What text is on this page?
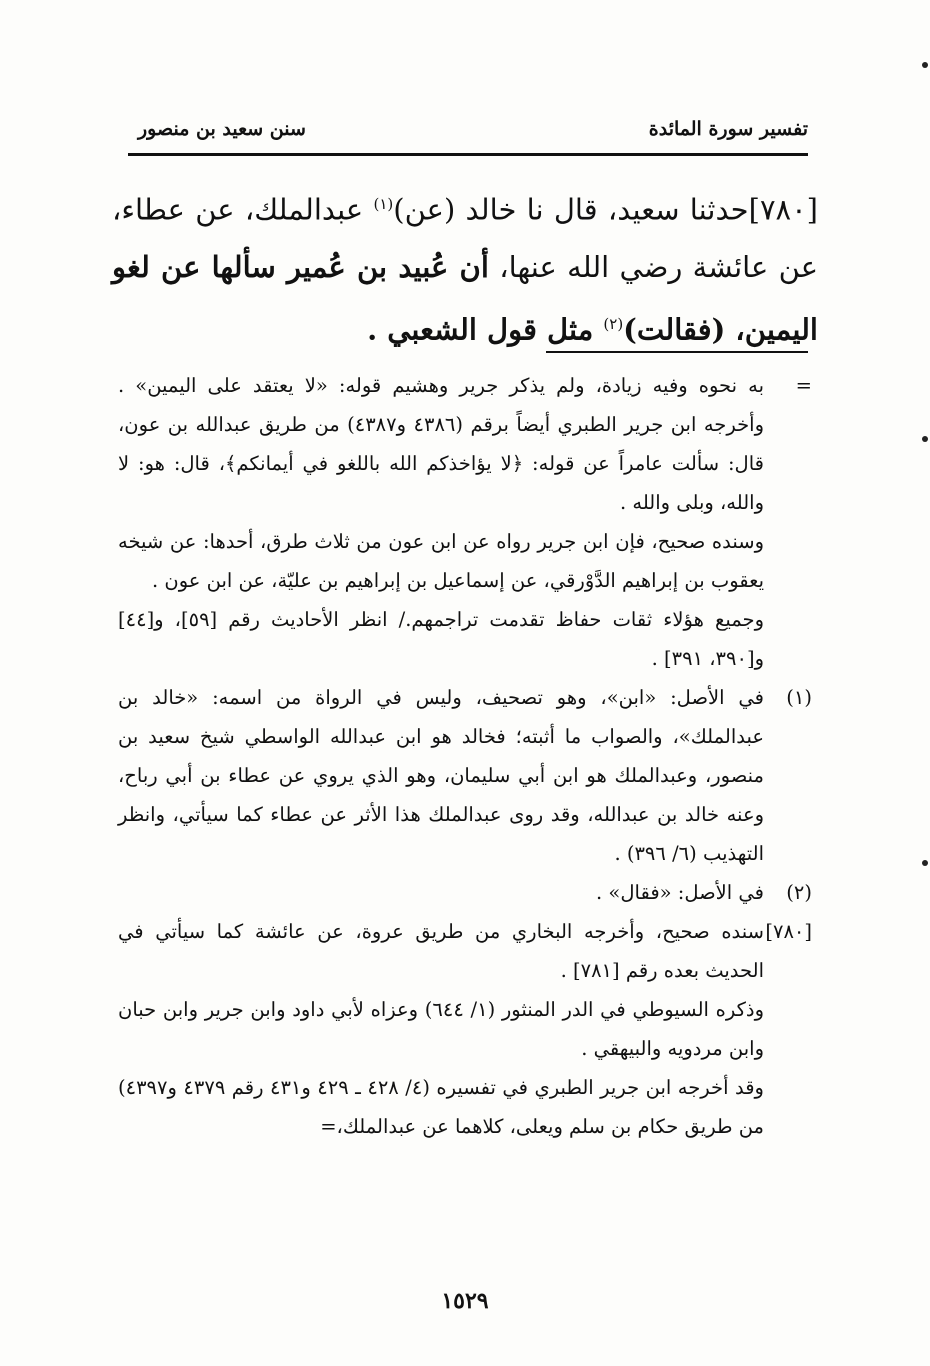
تفسير سورة المائدة
سنن سعيد بن منصور
[٧٨٠]حدثنا سعيد، قال نا خالد (عن)$^{(١)}$ عبدالملك، عن عطاء، عن عائشة رضي الله عنها، أن عُبيد بن عُمير سألها عن لغو اليمين، (فقالت)$^{(٢)}$ مثل قول الشعبي .

=
به نحوه وفيه زيادة، ولم يذكر جرير وهشيم قوله: «لا يعتقد على اليمين» . وأخرجه ابن جرير الطبري أيضاً برقم (٤٣٨٦ و٤٣٨٧) من طريق عبدالله بن عون، قال: سألت عامراً عن قوله: ﴿لا يؤاخذكم الله باللغو في أيمانكم﴾، قال: هو: لا والله، وبلى والله .

وسنده صحيح، فإن ابن جرير رواه عن ابن عون من ثلاث طرق، أحدها: عن شيخه يعقوب بن إبراهيم الدَّوْرقي، عن إسماعيل بن إبراهيم بن عليّة، عن ابن عون .

وجميع هؤلاء ثقات حفاظ تقدمت تراجمهم./ انظر الأحاديث رقم [٥٩]، و[٤٤] و[٣٩٠، ٣٩١] .

(١)
في الأصل: «ابن»، وهو تصحيف، وليس في الرواة من اسمه: «خالد بن عبدالملك»، والصواب ما أثبته؛ فخالد هو ابن عبدالله الواسطي شيخ سعيد بن منصور، وعبدالملك هو ابن أبي سليمان، وهو الذي يروي عن عطاء بن أبي رباح، وعنه خالد بن عبدالله، وقد روى عبدالملك هذا الأثر عن عطاء كما سيأتي، وانظر التهذيب (٦/ ٣٩٦) .

(٢)
في الأصل: «فقال» .

[٧٨٠]
سنده صحيح، وأخرجه البخاري من طريق عروة، عن عائشة كما سيأتي في الحديث بعده رقم [٧٨١] .

وذكره السيوطي في الدر المنثور (١/ ٦٤٤) وعزاه لأبي داود وابن جرير وابن حبان وابن مردويه والبيهقي .

وقد أخرجه ابن جرير الطبري في تفسيره (٤/ ٤٢٨ ـ ٤٢٩ و٤٣١ رقم ٤٣٧٩ و٤٣٩٧) من طريق حكام بن سلم ويعلى، كلاهما عن عبدالملك،=

١٥٢٩
